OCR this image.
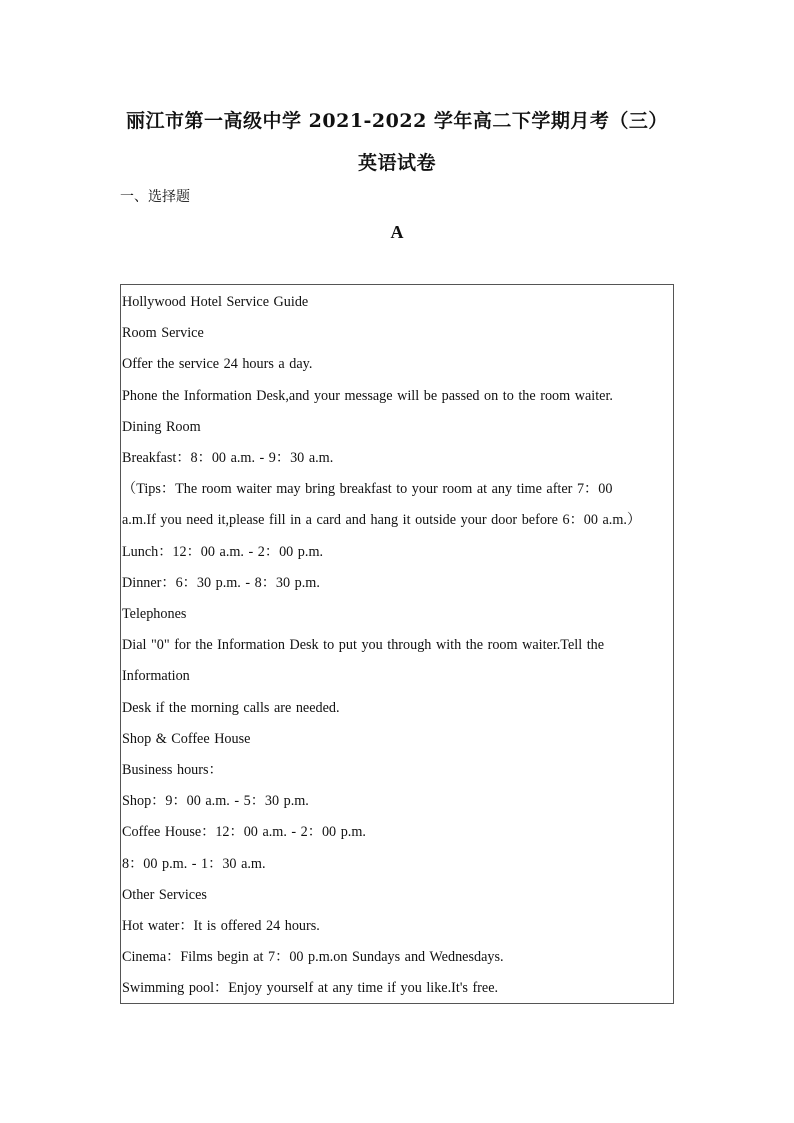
丽江市第一高级中学 2021-2022 学年高二下学期月考（三）
英语试卷
一、选择题
A
Hollywood Hotel Service Guide
Room Service
Offer the service 24 hours a day.
Phone the Information Desk,and your message will be passed on to the room waiter.
Dining Room
Breakfast：8：00 a.m. - 9：30 a.m.
（Tips：The room waiter may bring breakfast to your room at any time after 7：00
a.m.If you need it,please fill in a card and hang it outside your door before 6：00 a.m.）
Lunch：12：00 a.m. - 2：00 p.m.
Dinner：6：30 p.m. - 8：30 p.m.
Telephones
Dial "0" for the Information Desk to put you through with the room waiter.Tell the
Information
Desk if the morning calls are needed.
Shop & Coffee House
Business hours：
Shop：9：00 a.m. - 5：30 p.m.
Coffee House：12：00 a.m. - 2：00 p.m.
8：00 p.m. - 1：30 a.m.
Other Services
Hot water：It is offered 24 hours.
Cinema：Films begin at 7：00 p.m.on Sundays and Wednesdays.
Swimming pool：Enjoy yourself at any time if you like.It's free.
